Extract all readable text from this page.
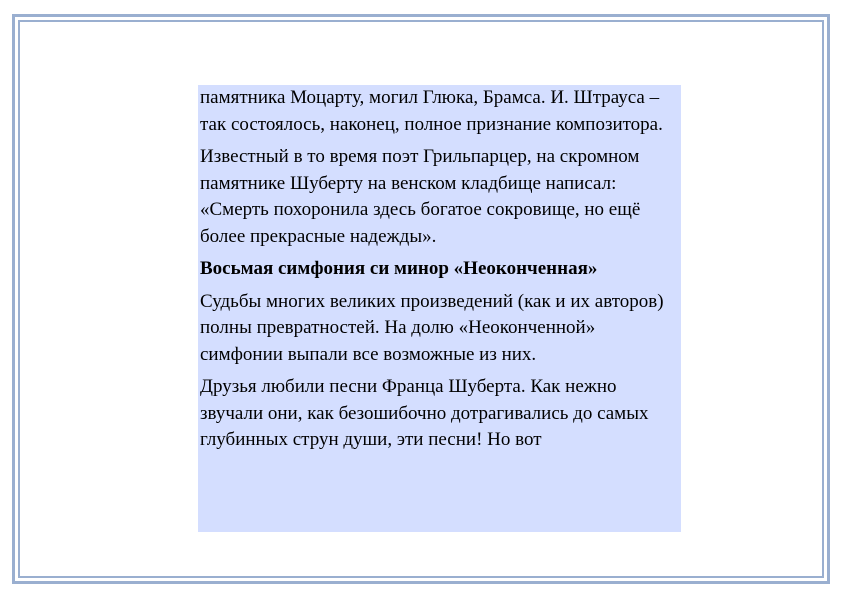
памятника Моцарту, могил Глюка, Брамса. И. Штрауса – так состоялось, наконец, полное признание композитора.

Известный в то время поэт Грильпарцер, на скромном памятнике Шуберту на венском кладбище написал: «Смерть похоронила здесь богатое сокровище, но ещё более прекрасные надежды».

Восьмая симфония си минор «Неоконченная»

Судьбы многих великих произведений (как и их авторов) полны превратностей. На долю «Неоконченной» симфонии выпали все возможные из них.

Друзья любили песни Франца Шуберта. Как нежно звучали они, как безошибочно дотрагивались до самых глубинных струн души, эти песни! Но вот
